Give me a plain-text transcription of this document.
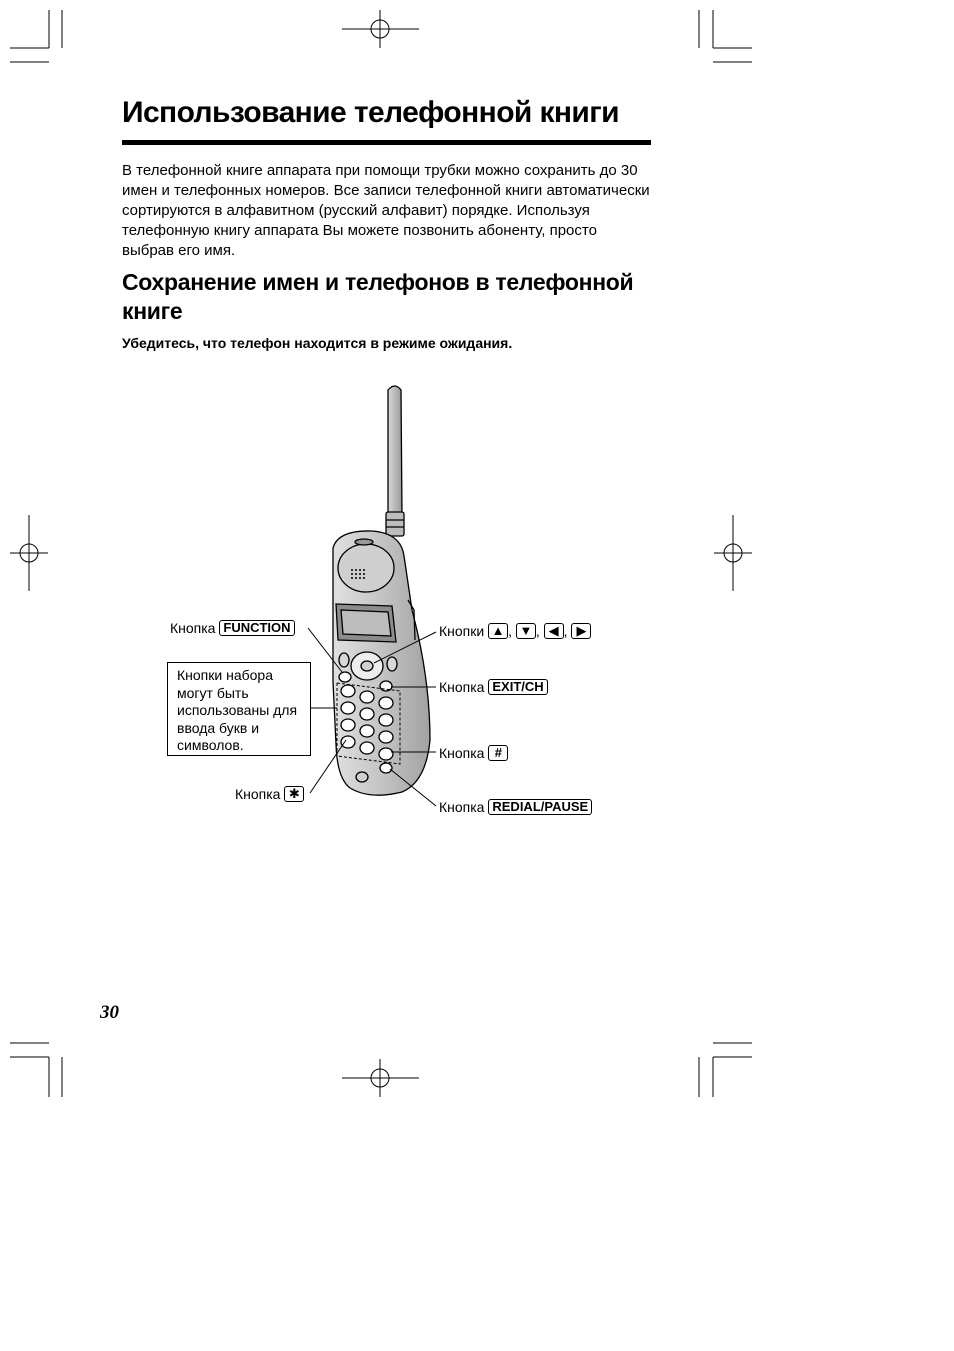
Использование телефонной книги
В телефонной книге аппарата при помощи трубки можно сохранить до 30 имен и телефонных номеров. Все записи телефонной книги автоматически сортируются в алфавитном (русский алфавит) порядке. Используя телефонную книгу аппарата Вы можете позвонить абоненту, просто выбрав его имя.
Сохранение имен и телефонов в телефонной книге
Убедитесь, что телефон находится в режиме ожидания.
Кнопка FUNCTION	Кнопки ▲ , ▼ , ◀ , ▶
Кнопка EXIT/CH
Кнопки набора могут быть использованы для ввода букв и символов.	Кнопка #
Кнопка ✱
Кнопка REDIAL/PAUSE
30
